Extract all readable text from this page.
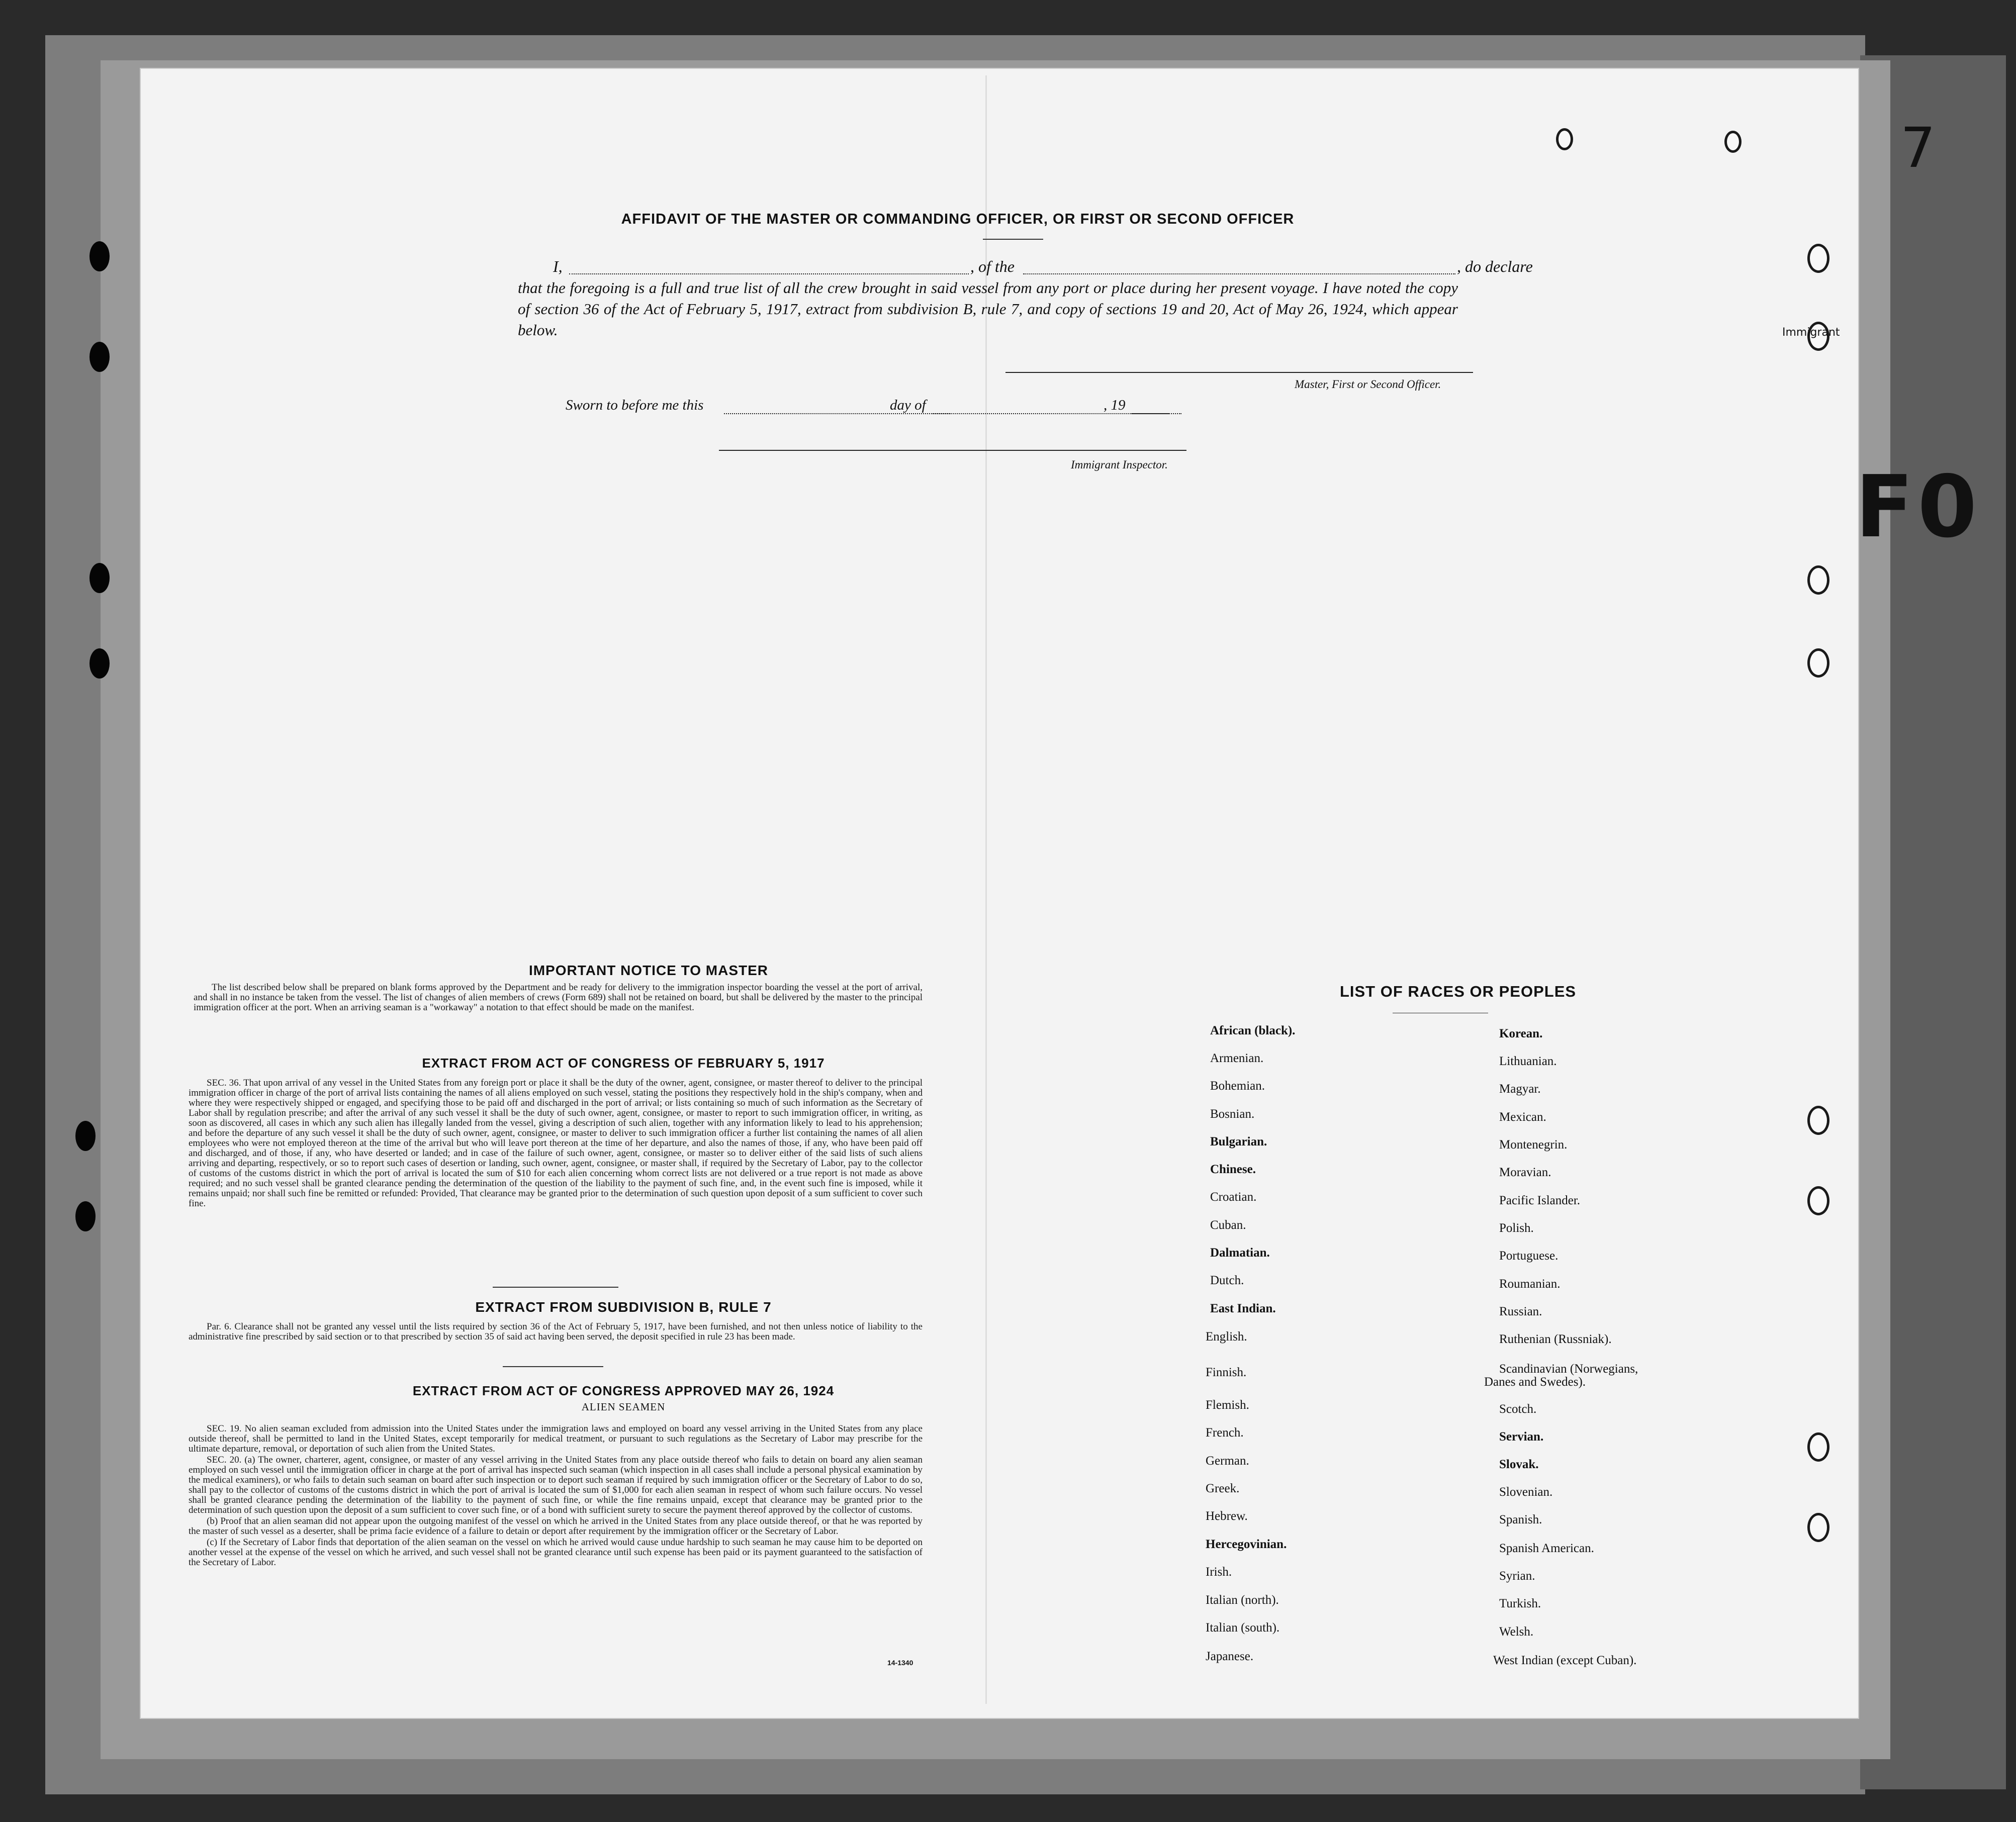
7
F0
Immigrant
AFFIDAVIT OF THE MASTER OR COMMANDING OFFICER, OR FIRST OR SECOND OFFICER
I,	, of the	, do declare
that the foregoing is a full and true list of all the crew brought in said vessel from any port or place during her present voyage. I have noted the copy of section 36 of the Act of February 5, 1917, extract from subdivision B, rule 7, and copy of sections 19 and 20, Act of May 26, 1924, which appear below.
Master, First or Second Officer.
Sworn to before me this	day of	, 19
Immigrant Inspector.
IMPORTANT NOTICE TO MASTER

The list described below shall be prepared on blank forms approved by the Department and be ready for delivery to the immigration inspector boarding the vessel at the port of arrival, and shall in no instance be taken from the vessel. The list of changes of alien members of crews (Form 689) shall not be retained on board, but shall be delivered by the master to the principal immigration officer at the port. When an arriving seaman is a "workaway" a notation to that effect should be made on the manifest.

EXTRACT FROM ACT OF CONGRESS OF FEBRUARY 5, 1917

SEC. 36. That upon arrival of any vessel in the United States from any foreign port or place it shall be the duty of the owner, agent, consignee, or master thereof to deliver to the principal immigration officer in charge of the port of arrival lists containing the names of all aliens employed on such vessel, stating the positions they respectively hold in the ship's company, when and where they were respectively shipped or engaged, and specifying those to be paid off and discharged in the port of arrival; or lists containing so much of such information as the Secretary of Labor shall by regulation prescribe; and after the arrival of any such vessel it shall be the duty of such owner, agent, consignee, or master to report to such immigration officer, in writing, as soon as discovered, all cases in which any such alien has illegally landed from the vessel, giving a description of such alien, together with any information likely to lead to his apprehension; and before the departure of any such vessel it shall be the duty of such owner, agent, consignee, or master to deliver to such immigration officer a further list containing the names of all alien employees who were not employed thereon at the time of the arrival but who will leave port thereon at the time of her departure, and also the names of those, if any, who have been paid off and discharged, and of those, if any, who have deserted or landed; and in case of the failure of such owner, agent, consignee, or master so to deliver either of the said lists of such aliens arriving and departing, respectively, or so to report such cases of desertion or landing, such owner, agent, consignee, or master shall, if required by the Secretary of Labor, pay to the collector of customs of the customs district in which the port of arrival is located the sum of $10 for each alien concerning whom correct lists are not delivered or a true report is not made as above required; and no such vessel shall be granted clearance pending the determination of the question of the liability to the payment of such fine, and, in the event such fine is imposed, while it remains unpaid; nor shall such fine be remitted or refunded: Provided, That clearance may be granted prior to the determination of such question upon deposit of a sum sufficient to cover such fine.

EXTRACT FROM SUBDIVISION B, RULE 7

Par. 6. Clearance shall not be granted any vessel until the lists required by section 36 of the Act of February 5, 1917, have been furnished, and not then unless notice of liability to the administrative fine prescribed by said section or to that prescribed by section 35 of said act having been served, the deposit specified in rule 23 has been made.

EXTRACT FROM ACT OF CONGRESS APPROVED MAY 26, 1924
ALIEN SEAMEN

SEC. 19. No alien seaman excluded from admission into the United States under the immigration laws and employed on board any vessel arriving in the United States from any place outside thereof, shall be permitted to land in the United States, except temporarily for medical treatment, or pursuant to such regulations as the Secretary of Labor may prescribe for the ultimate departure, removal, or deportation of such alien from the United States.

SEC. 20. (a) The owner, charterer, agent, consignee, or master of any vessel arriving in the United States from any place outside thereof who fails to detain on board any alien seaman employed on such vessel until the immigration officer in charge at the port of arrival has inspected such seaman (which inspection in all cases shall include a personal physical examination by the medical examiners), or who fails to detain such seaman on board after such inspection or to deport such seaman if required by such immigration officer or the Secretary of Labor to do so, shall pay to the collector of customs of the customs district in which the port of arrival is located the sum of $1,000 for each alien seaman in respect of whom such failure occurs. No vessel shall be granted clearance pending the determination of the liability to the payment of such fine, or while the fine remains unpaid, except that clearance may be granted prior to the determination of such question upon the deposit of a sum sufficient to cover such fine, or of a bond with sufficient surety to secure the payment thereof approved by the collector of customs.

(b) Proof that an alien seaman did not appear upon the outgoing manifest of the vessel on which he arrived in the United States from any place outside thereof, or that he was reported by the master of such vessel as a deserter, shall be prima facie evidence of a failure to detain or deport after requirement by the immigration officer or the Secretary of Labor.

(c) If the Secretary of Labor finds that deportation of the alien seaman on the vessel on which he arrived would cause undue hardship to such seaman he may cause him to be deported on another vessel at the expense of the vessel on which he arrived, and such vessel shall not be granted clearance until such expense has been paid or its payment guaranteed to the satisfaction of the Secretary of Labor.

14-1340
LIST OF RACES OR PEOPLES
African (black).
Armenian.
Bohemian.
Bosnian.
Bulgarian.
Chinese.
Croatian.
Cuban.
Dalmatian.
Dutch.
East Indian.
English.
Finnish.
Flemish.
French.
German.
Greek.
Hebrew.
Hercegovinian.
Irish.
Italian (north).
Italian (south).
Japanese.
Korean.
Lithuanian.
Magyar.
Mexican.
Montenegrin.
Moravian.
Pacific Islander.
Polish.
Portuguese.
Roumanian.
Russian.
Ruthenian (Russniak).
Scandinavian (Norwegians,
Danes and Swedes).
Scotch.
Servian.
Slovak.
Slovenian.
Spanish.
Spanish American.
Syrian.
Turkish.
Welsh.
West Indian (except Cuban).
